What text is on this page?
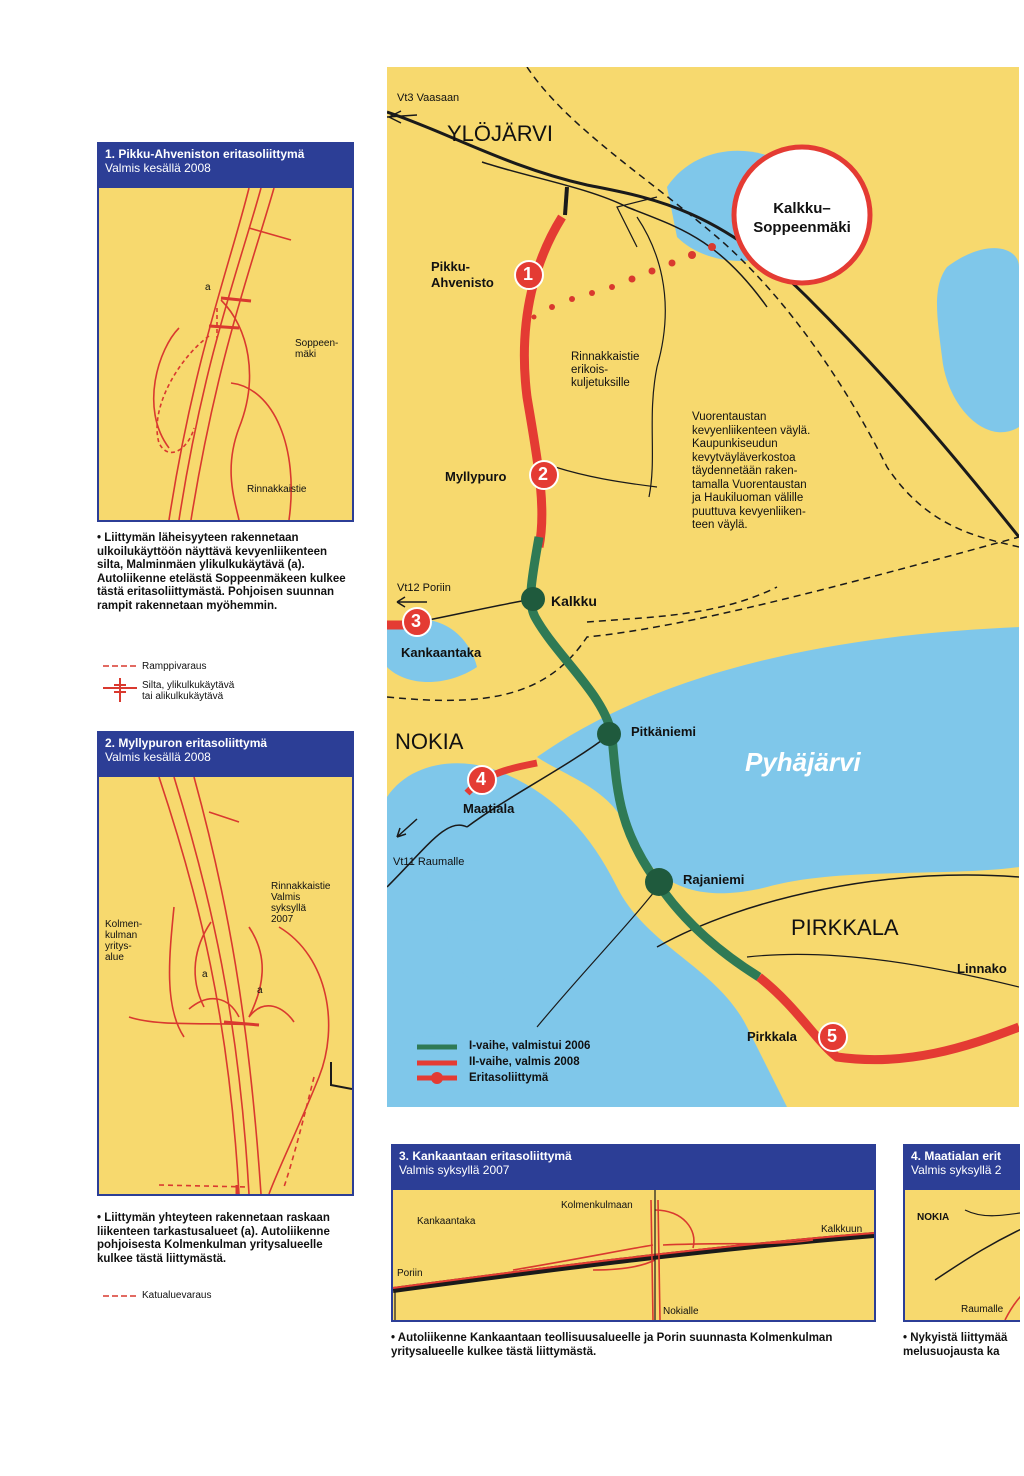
1. Pikku-Ahveniston eritasoliittymä
Valmis kesällä 2008
a
Soppeen-
mäki
Rinnakkaistie
• Liittymän läheisyyteen rakennetaan ulkoilukäyttöön näyttävä kevyenliikenteen silta, Malminmäen ylikulkukäytävä (a). Autoliikenne etelästä Soppeenmäkeen kulkee tästä eritasoliittymästä. Pohjoisen suunnan rampit rakennetaan myöhemmin.
Ramppivaraus
Silta, ylikulkukäytävä
tai alikulkukäytävä
2. Myllypuron eritasoliittymä
Valmis kesällä 2008
Rinnakkaistie
Valmis
syksyllä
2007
Kolmen-
kulman
yritys-
alue
a
a
• Liittymän yhteyteen rakennetaan raskaan liikenteen tarkastusalueet (a). Autoliikenne pohjoisesta Kolmenkulman yritysalueelle kulkee tästä liittymästä.
Katualuevaraus
1
2
3
4
5
Vt3 Vaasaan
YLÖJÄRVI
Kalkku–
Soppeenmäki
Pikku-
Ahvenisto
Rinnakkaistie
erikois-
kuljetuksille
Vuorentaustan
kevyenliikenteen väylä.
Kaupunkiseudun
kevytväyläverkostoa
täydennetään raken-
tamalla Vuorentaustan
ja Haukiluoman välille
puuttuva kevyenliiken-
teen väylä.
Myllypuro
Vt12 Poriin
Kalkku
Kankaantaka
NOKIA	Pitkäniemi
Pyhäjärvi
Maatiala
Vt11 Raumalle
Rajaniemi
PIRKKALA
Linnako
Pirkkala
I-vaihe, valmistui 2006
II-vaihe, valmis 2008
Eritasoliittymä
3. Kankaantaan eritasoliittymä
Valmis syksyllä 2007
Kankaantaka
Kolmenkulmaan
Kalkkuun
Poriin
Nokialle
• Autoliikenne Kankaantaan teollisuusalueelle ja Porin suunnasta Kolmenkulman yritysalueelle kulkee tästä liittymästä.
4. Maatialan erit
Valmis syksyllä 2
NOKIA
Raumalle
• Nykyistä liittymää
melusuojausta ka
